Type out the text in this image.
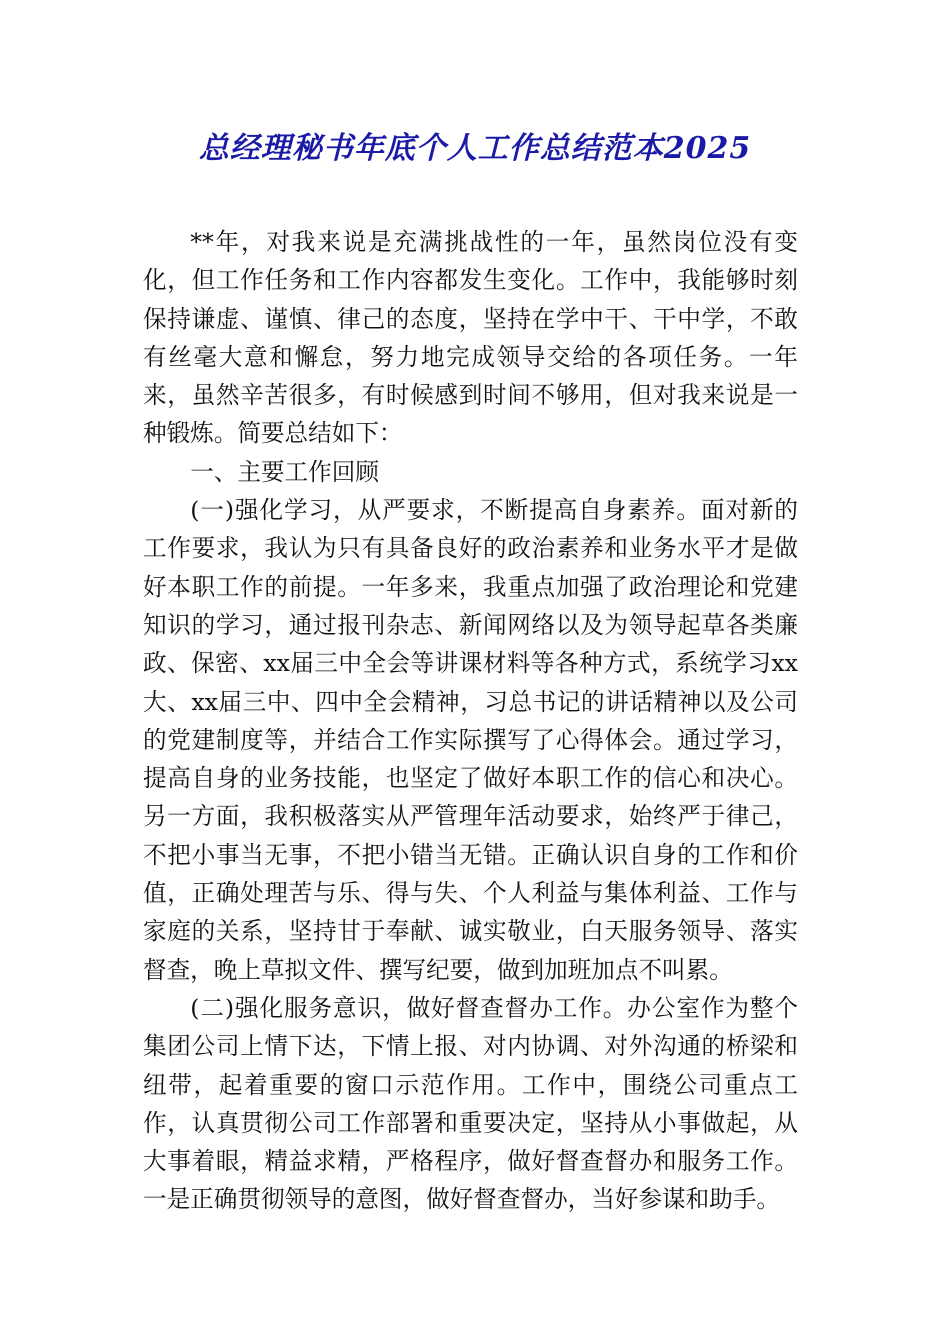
总经理秘书年底个人工作总结范本2025

**年，对我来说是充满挑战性的一年，虽然岗位没有变化，但工作任务和工作内容都发生变化。工作中，我能够时刻保持谦虚、谨慎、律己的态度，坚持在学中干、干中学，不敢有丝毫大意和懈怠，努力地完成领导交给的各项任务。一年来，虽然辛苦很多，有时候感到时间不够用，但对我来说是一种锻炼。简要总结如下：

一、主要工作回顾

(一)强化学习，从严要求，不断提高自身素养。面对新的工作要求，我认为只有具备良好的政治素养和业务水平才是做好本职工作的前提。一年多来，我重点加强了政治理论和党建知识的学习，通过报刊杂志、新闻网络以及为领导起草各类廉政、保密、xx届三中全会等讲课材料等各种方式，系统学习xx大、xx届三中、四中全会精神，习总书记的讲话精神以及公司的党建制度等，并结合工作实际撰写了心得体会。通过学习，提高自身的业务技能，也坚定了做好本职工作的信心和决心。另一方面，我积极落实从严管理年活动要求，始终严于律己，不把小事当无事，不把小错当无错。正确认识自身的工作和价值，正确处理苦与乐、得与失、个人利益与集体利益、工作与家庭的关系，坚持甘于奉献、诚实敬业，白天服务领导、落实督查，晚上草拟文件、撰写纪要，做到加班加点不叫累。

(二)强化服务意识，做好督查督办工作。办公室作为整个集团公司上情下达，下情上报、对内协调、对外沟通的桥梁和纽带，起着重要的窗口示范作用。工作中，围绕公司重点工作，认真贯彻公司工作部署和重要决定，坚持从小事做起，从大事着眼，精益求精，严格程序，做好督查督办和服务工作。一是正确贯彻领导的意图，做好督查督办，当好参谋和助手。
